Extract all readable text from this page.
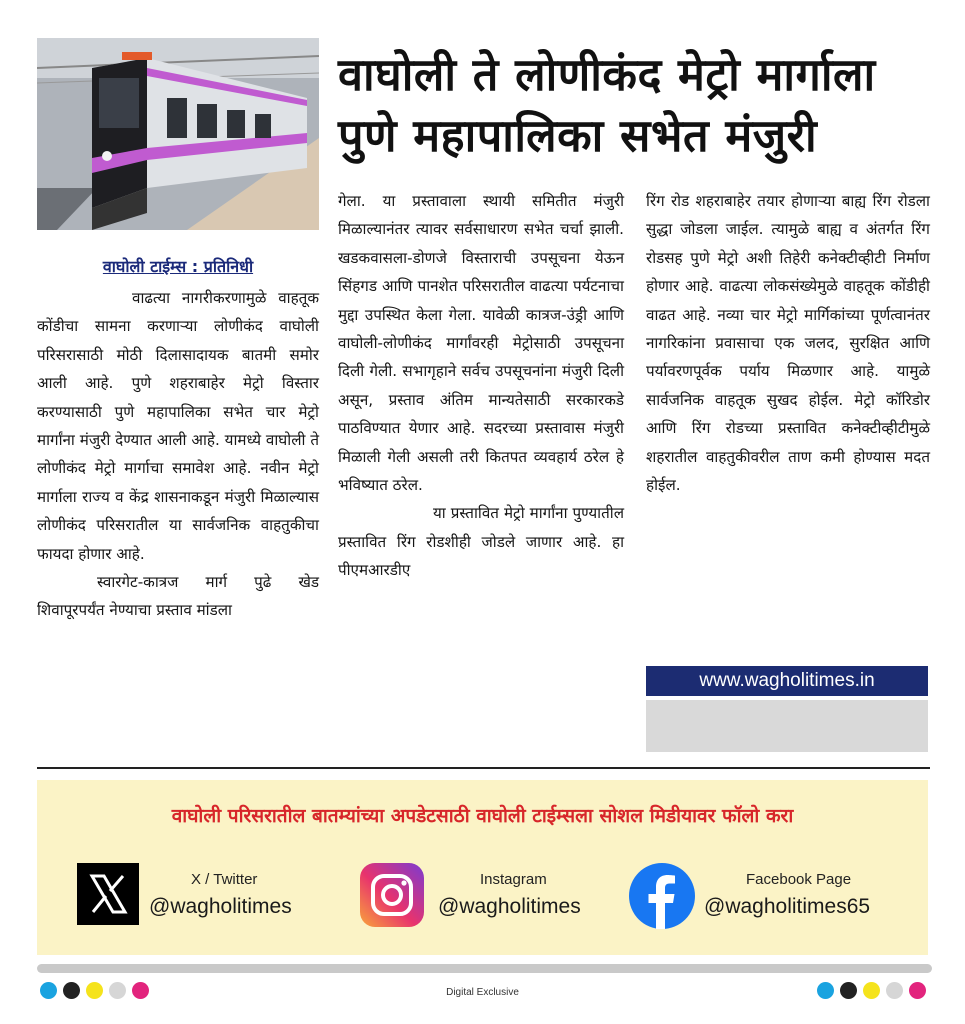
वाघोली ते लोणीकंद मेट्रो मार्गाला
पुणे महापालिका सभेत मंजुरी
वाघोली टाईम्स : प्रतिनिधी

वाढत्या नागरीकरणामुळे वाहतूक कोंडीचा सामना करणाऱ्या लोणीकंद वाघोली परिसरासाठी मोठी दिलासादायक बातमी समोर आली आहे. पुणे शहराबाहेर मेट्रो विस्तार करण्यासाठी पुणे महापालिका सभेत चार मेट्रो मार्गांना मंजुरी देण्यात आली आहे. यामध्ये वाघोली ते लोणीकंद मेट्रो मार्गाचा समावेश आहे. नवीन मेट्रो मार्गाला राज्य व केंद्र शासनाकडून मंजुरी मिळाल्यास लोणीकंद परिसरातील या सार्वजनिक वाहतुकीचा फायदा होणार आहे.

स्वारगेट-कात्रज मार्ग पुढे खेड शिवापूरपर्यंत नेण्याचा प्रस्ताव मांडला

गेला. या प्रस्तावाला स्थायी समितीत मंजुरी मिळाल्यानंतर त्यावर सर्वसाधारण सभेत चर्चा झाली. खडकवासला-डोणजे विस्ताराची उपसूचना येऊन सिंहगड आणि पानशेत परिसरातील वाढत्या पर्यटनाचा मुद्दा उपस्थित केला गेला. यावेळी कात्रज-उंड्री आणि वाघोली-लोणीकंद मार्गांवरही मेट्रोसाठी उपसूचना दिली गेली. सभागृहाने सर्वच उपसूचनांना मंजुरी दिली असून, प्रस्ताव अंतिम मान्यतेसाठी सरकारकडे पाठविण्यात येणार आहे. सदरच्या प्रस्तावास मंजुरी मिळाली गेली असली तरी कितपत व्यवहार्य ठरेल हे भविष्यात ठरेल.

या प्रस्तावित मेट्रो मार्गांना पुण्यातील प्रस्तावित रिंग रोडशीही जोडले जाणार आहे. हा पीएमआरडीए

रिंग रोड शहराबाहेर तयार होणाऱ्या बाह्य रिंग रोडला सुद्धा जोडला जाईल. त्यामुळे बाह्य व अंतर्गत रिंग रोडसह पुणे मेट्रो अशी तिहेरी कनेक्टीव्हीटी निर्माण होणार आहे. वाढत्या लोकसंख्येमुळे वाहतूक कोंडीही वाढत आहे. नव्या चार मेट्रो मार्गिकांच्या पूर्णत्वानंतर नागरिकांना प्रवासाचा एक जलद, सुरक्षित आणि पर्यावरणपूर्वक पर्याय मिळणार आहे. यामुळे सार्वजनिक वाहतूक सुखद होईल. मेट्रो कॉरिडोर आणि रिंग रोडच्या प्रस्तावित कनेक्टीव्हीटीमुळे शहरातील वाहतुकीवरील ताण कमी होण्यास मदत होईल.

www.wagholitimes.in
वाघोली परिसरातील बातम्यांच्या अपडेटसाठी वाघोली टाईम्सला सोशल मिडीयावर फॉलो करा
X / Twitter
@wagholitimes
Instagram
@wagholitimes
Facebook Page
@wagholitimes65
Digital Exclusive
